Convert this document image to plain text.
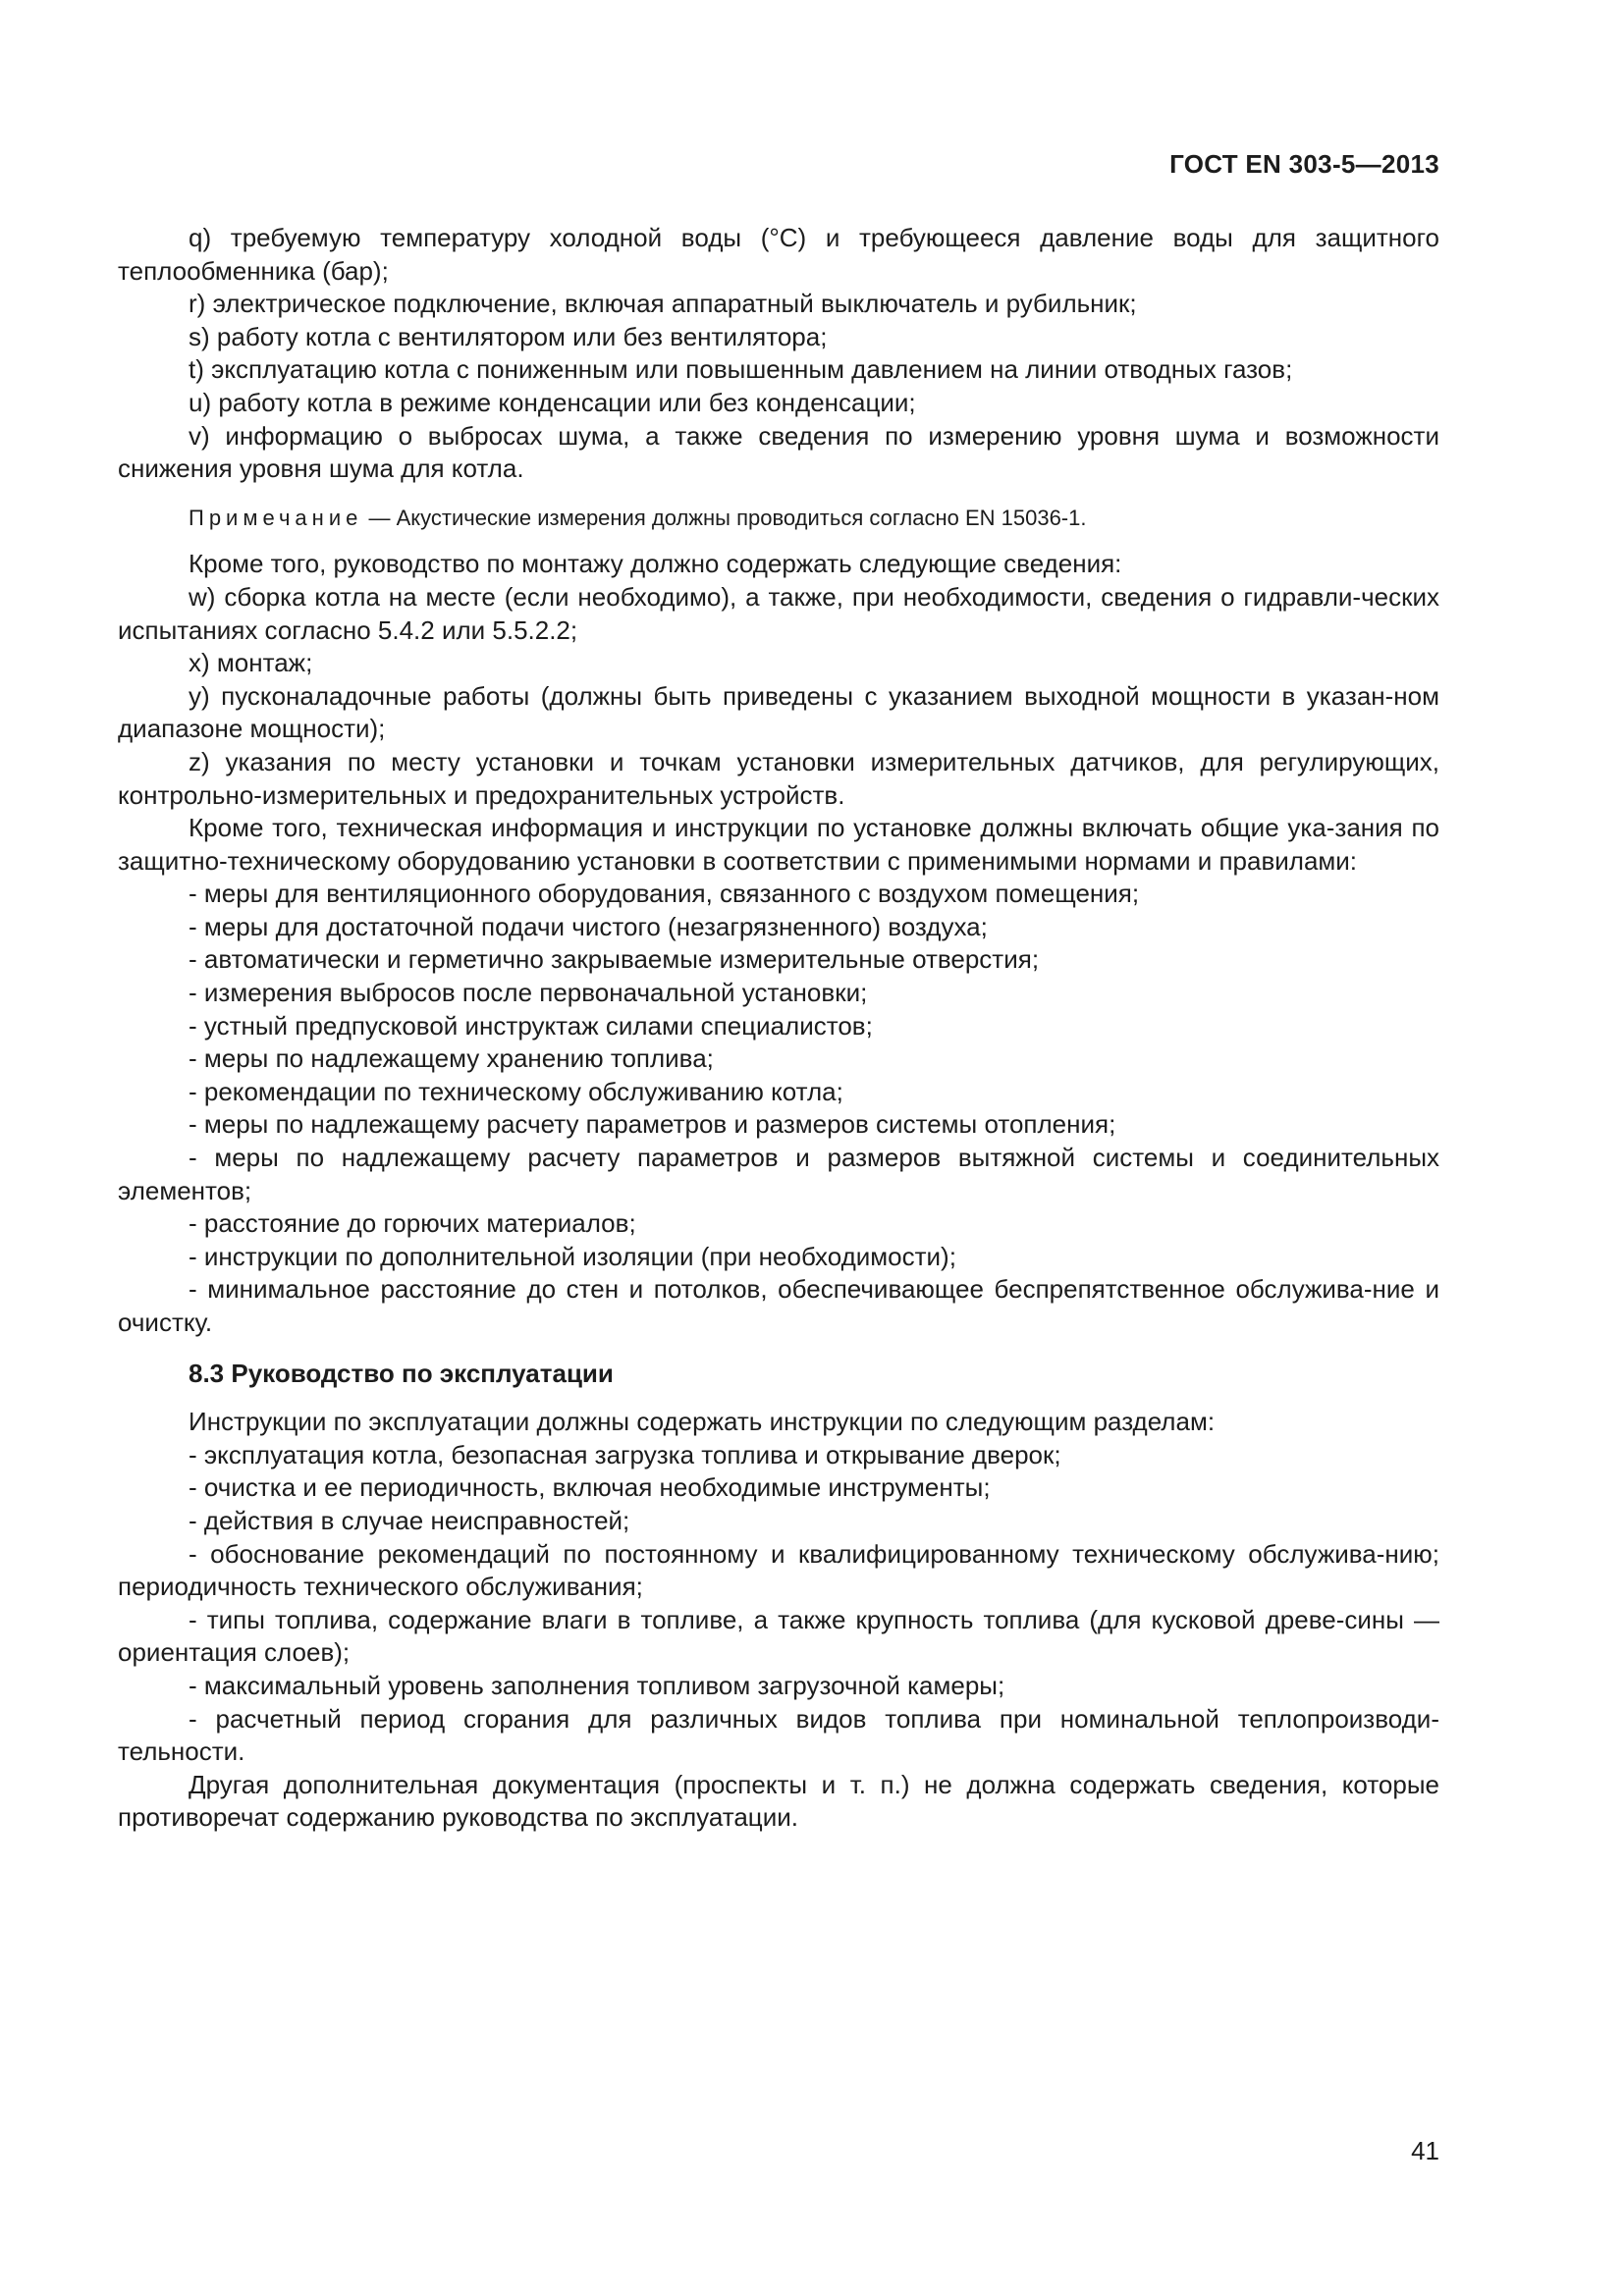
ГОСТ EN 303-5—2013

q) требуемую температуру холодной воды (°C) и требующееся давление воды для защитного теплообменника (бар);

r) электрическое подключение, включая аппаратный выключатель и рубильник;

s) работу котла с вентилятором или без вентилятора;

t) эксплуатацию котла с пониженным или повышенным давлением на линии отводных газов;

u) работу котла в режиме конденсации или без конденсации;

v) информацию о выбросах шума, а также сведения по измерению уровня шума и возможности снижения уровня шума для котла.

Примечание — Акустические измерения должны проводиться согласно EN 15036-1.

Кроме того, руководство по монтажу должно содержать следующие сведения:

w) сборка котла на месте (если необходимо), а также, при необходимости, сведения о гидравли-ческих испытаниях согласно 5.4.2 или 5.5.2.2;

x) монтаж;

y) пусконаладочные работы (должны быть приведены с указанием выходной мощности в указан-ном диапазоне мощности);

z) указания по месту установки и точкам установки измерительных датчиков, для регулирующих, контрольно-измерительных и предохранительных устройств.

Кроме того, техническая информация и инструкции по установке должны включать общие ука-зания по защитно-техническому оборудованию установки в соответствии с применимыми нормами и правилами:

- меры для вентиляционного оборудования, связанного с воздухом помещения;

- меры для достаточной подачи чистого (незагрязненного) воздуха;

- автоматически и герметично закрываемые измерительные отверстия;

- измерения выбросов после первоначальной установки;

- устный предпусковой инструктаж силами специалистов;

- меры по надлежащему хранению топлива;

- рекомендации по техническому обслуживанию котла;

- меры по надлежащему расчету параметров и размеров системы отопления;

- меры по надлежащему расчету параметров и размеров вытяжной системы и соединительных элементов;

- расстояние до горючих материалов;

- инструкции по дополнительной изоляции (при необходимости);

- минимальное расстояние до стен и потолков, обеспечивающее беспрепятственное обслужива-ние и очистку.

8.3 Руководство по эксплуатации

Инструкции по эксплуатации должны содержать инструкции по следующим разделам:

- эксплуатация котла, безопасная загрузка топлива и открывание дверок;

- очистка и ее периодичность, включая необходимые инструменты;

- действия в случае неисправностей;

- обоснование рекомендаций по постоянному и квалифицированному техническому обслужива-нию; периодичность технического обслуживания;

- типы топлива, содержание влаги в топливе, а также крупность топлива (для кусковой древе-сины — ориентация слоев);

- максимальный уровень заполнения топливом загрузочной камеры;

- расчетный период сгорания для различных видов топлива при номинальной теплопроизводи-тельности.

Другая дополнительная документация (проспекты и т. п.) не должна содержать сведения, которые противоречат содержанию руководства по эксплуатации.

41
